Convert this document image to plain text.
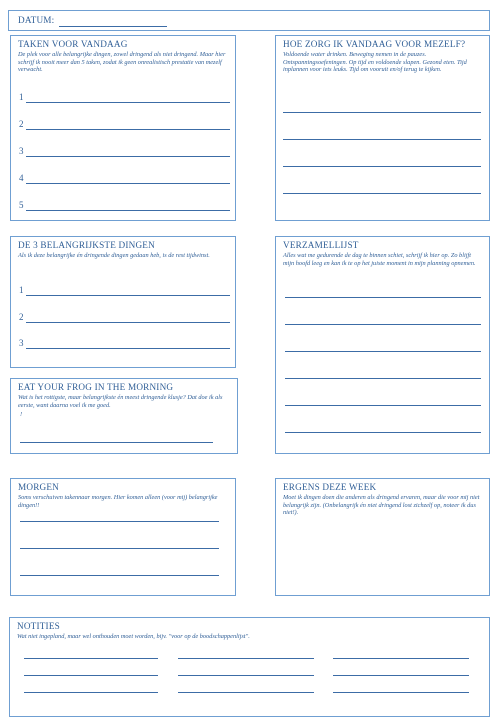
DATUM:
TAKEN VOOR VANDAAG
De plek voor alle belangrijke dingen, zowel dringend als niet dringend. Maar hier schrijf ik nooit meer dan 5 taken, zodat ik geen onrealistisch prestatie van mezelf verwacht.
1
2
3
4
5
HOE ZORG IK VANDAAG VOOR MEZELF?
Voldoende water drinken. Beweging nemen in de pauzes. Ontspanningsoefeningen. Op tijd en voldoende slapen. Gezond eten. Tijd inplannen voor iets leuks. Tijd om vooruit en/of terug te kijken.
DE 3 BELANGRIJKSTE DINGEN
Als ik deze belangrijke én dringende dingen gedaan heb, is de rest tijdwinst.
1
2
3
VERZAMELLIJST
Alles wat me gedurende de dag te binnen schiet, schrijf ik hier op. Zo blijft mijn hoofd leeg en kan ik te op het juiste moment in mijn planning opnemen.
EAT YOUR FROG IN THE MORNING
Wat is het rottigste, maar belangrijkste én meest dringende klusje? Dat doe ik als eerste, want daarna voel ik me goed.
!
MORGEN
Soms verschuiven takennaar morgen. Hier komen alleen (voor mij) belangrijke dingen!!
ERGENS DEZE WEEK
Moet ik dingen doen die anderen als dringend ervaren, maar die voor mij niet belangrijk zijn. (Onbelangrijk én niet dringend lost zichzelf op, noteer ik dus niet!).
NOTITIES
Wat niet ingepland, maar wel onthouden moet worden, bijv. "voor op de boodschappenlijst".
